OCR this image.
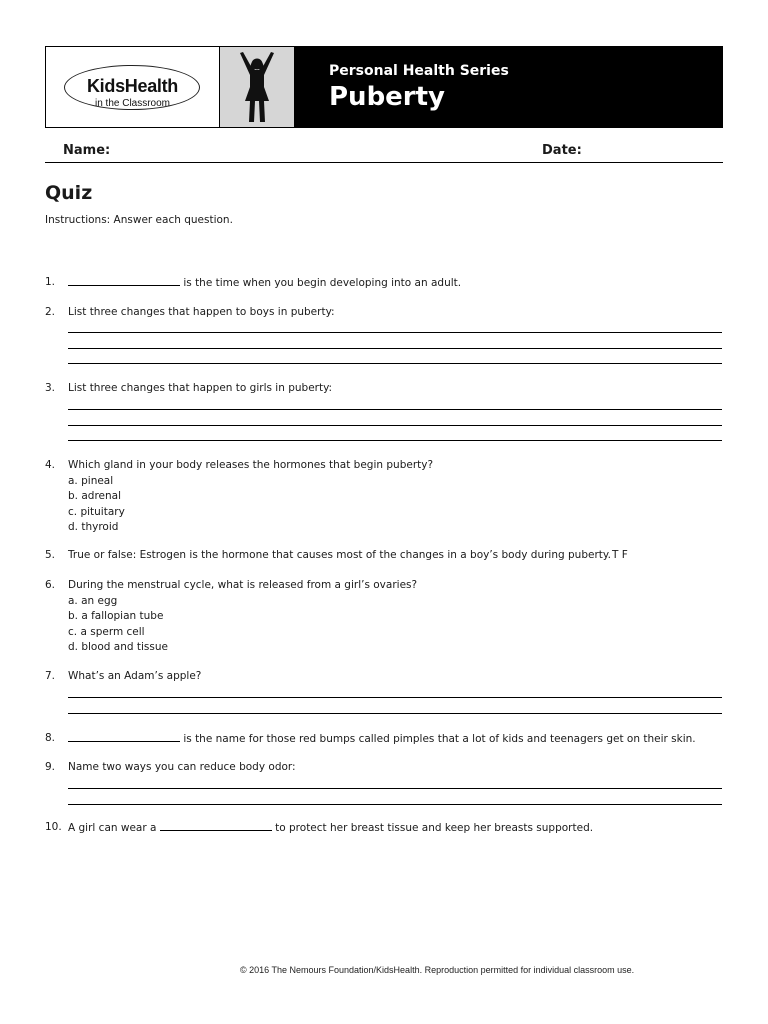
KidsHealth
in the Classroom
Personal Health Series
Puberty
Name:	Date:
Quiz
Instructions: Answer each question.
1.	is the time when you begin developing into an adult.
2. List three changes that happen to boys in puberty:
3. List three changes that happen to girls in puberty:
4. Which gland in your body releases the hormones that begin puberty?
a. pineal
b. adrenal
c. pituitary
d. thyroid
5. True or false: Estrogen is the hormone that causes most of the changes in a boy’s body during puberty. T F
6. During the menstrual cycle, what is released from a girl’s ovaries?
a. an egg
b. a fallopian tube
c. a sperm cell
d. blood and tissue
7. What’s an Adam’s apple?
8.	is the name for those red bumps called pimples that a lot of kids and teenagers get on their skin.
9. Name two ways you can reduce body odor:
10. A girl can wear a	to protect her breast tissue and keep her breasts supported.
© 2016 The Nemours Foundation/KidsHealth. Reproduction permitted for individual classroom use.
